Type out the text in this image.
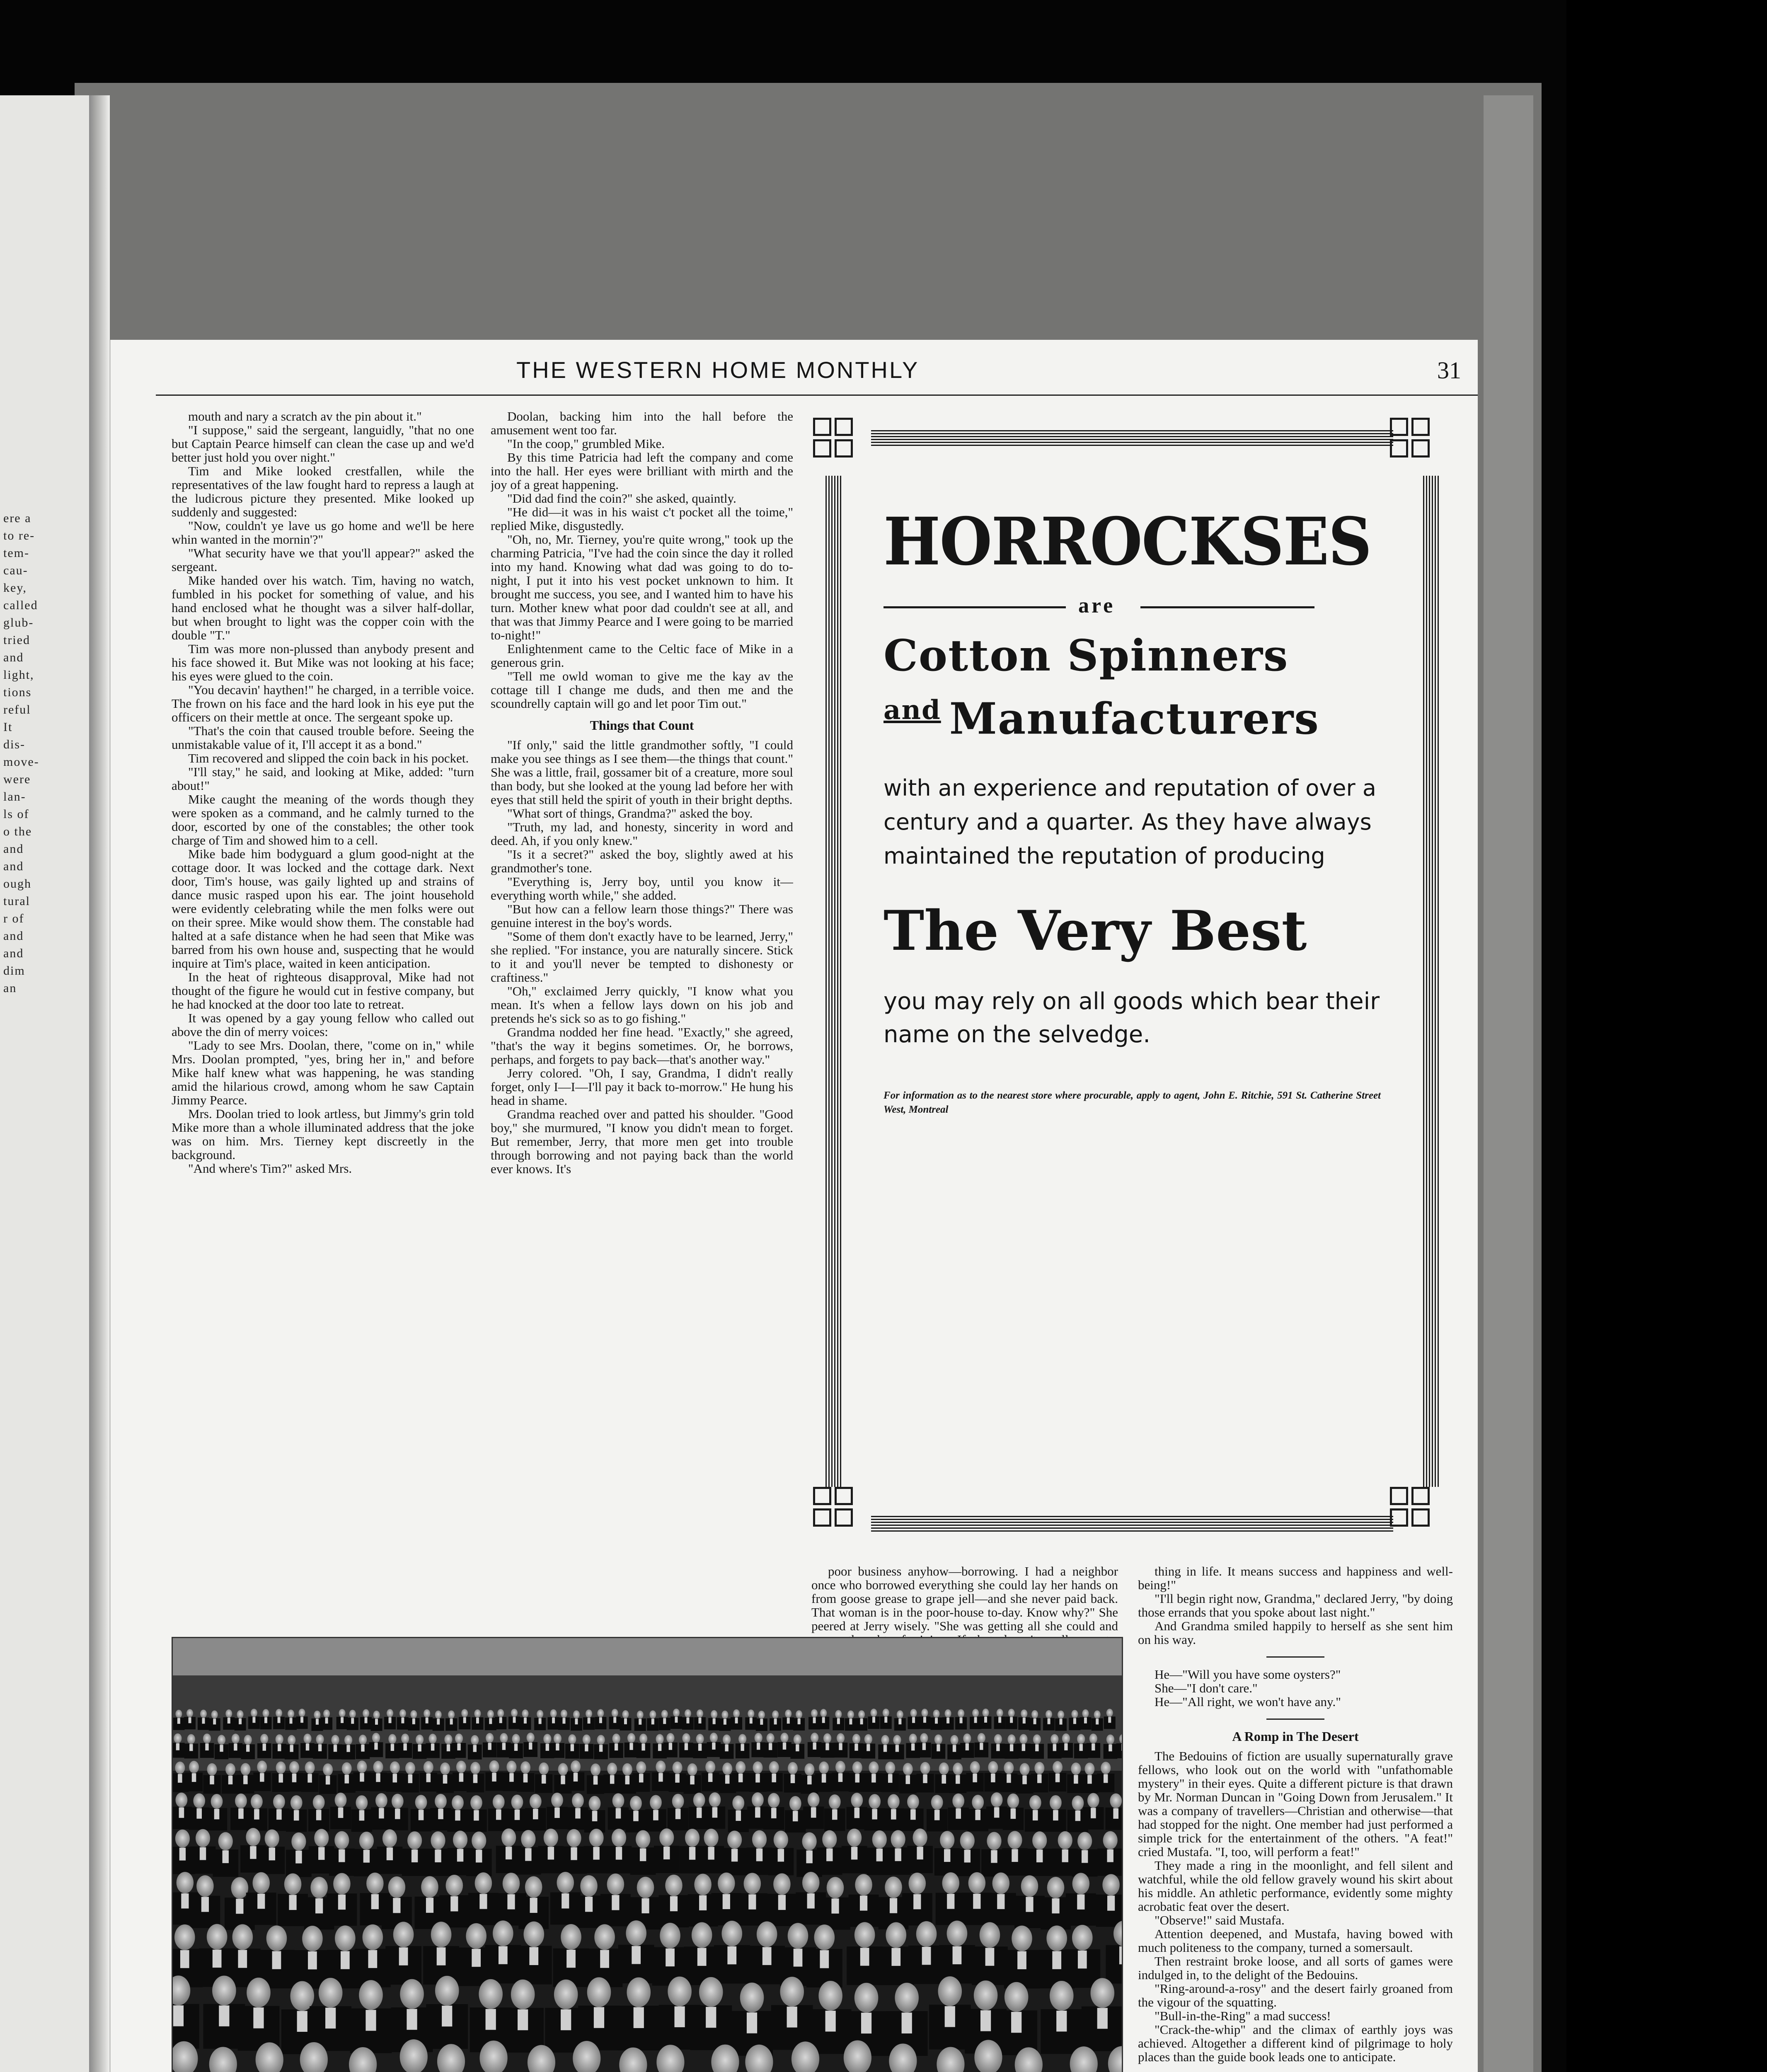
ere a
to re-
tem-
cau-
key,
called
glub-
tried
and
light,
tions
reful
It
dis-
move-
were
lan-
ls of
o the
and
and
ough
tural
r of
and
and
dim
an
THE WESTERN HOME MONTHLY	31

mouth and nary a scratch av the pin about it."

"I suppose," said the sergeant, languidly, "that no one but Captain Pearce himself can clean the case up and we'd better just hold you over night."

Tim and Mike looked crestfallen, while the representatives of the law fought hard to repress a laugh at the ludicrous picture they presented. Mike looked up suddenly and suggested:

"Now, couldn't ye lave us go home and we'll be here whin wanted in the mornin'?"

"What security have we that you'll appear?" asked the sergeant.

Mike handed over his watch. Tim, having no watch, fumbled in his pocket for something of value, and his hand enclosed what he thought was a silver half-dollar, but when brought to light was the copper coin with the double "T."

Tim was more non-plussed than anybody present and his face showed it. But Mike was not looking at his face; his eyes were glued to the coin.

"You decavin' haythen!" he charged, in a terrible voice. The frown on his face and the hard look in his eye put the officers on their mettle at once. The sergeant spoke up.

"That's the coin that caused trouble before. Seeing the unmistakable value of it, I'll accept it as a bond."

Tim recovered and slipped the coin back in his pocket.

"I'll stay," he said, and looking at Mike, added: "turn about!"

Mike caught the meaning of the words though they were spoken as a command, and he calmly turned to the door, escorted by one of the constables; the other took charge of Tim and showed him to a cell.

Mike bade him bodyguard a glum good-night at the cottage door. It was locked and the cottage dark. Next door, Tim's house, was gaily lighted up and strains of dance music rasped upon his ear. The joint household were evidently celebrating while the men folks were out on their spree. Mike would show them. The constable had halted at a safe distance when he had seen that Mike was barred from his own house and, suspecting that he would inquire at Tim's place, waited in keen anticipation.

In the heat of righteous disapproval, Mike had not thought of the figure he would cut in festive company, but he had knocked at the door too late to retreat.

It was opened by a gay young fellow who called out above the din of merry voices:

"Lady to see Mrs. Doolan, there, "come on in," while Mrs. Doolan prompted, "yes, bring her in," and before Mike half knew what was happening, he was standing amid the hilarious crowd, among whom he saw Captain Jimmy Pearce.

Mrs. Doolan tried to look artless, but Jimmy's grin told Mike more than a whole illuminated address that the joke was on him. Mrs. Tierney kept discreetly in the background.

"And where's Tim?" asked Mrs.

Doolan, backing him into the hall before the amusement went too far.

"In the coop," grumbled Mike.

By this time Patricia had left the company and come into the hall. Her eyes were brilliant with mirth and the joy of a great happening.

"Did dad find the coin?" she asked, quaintly.

"He did—it was in his waist c't pocket all the toime," replied Mike, disgustedly.

"Oh, no, Mr. Tierney, you're quite wrong," took up the charming Patricia, "I've had the coin since the day it rolled into my hand. Knowing what dad was going to do to-night, I put it into his vest pocket unknown to him. It brought me success, you see, and I wanted him to have his turn. Mother knew what poor dad couldn't see at all, and that was that Jimmy Pearce and I were going to be married to-night!"

Enlightenment came to the Celtic face of Mike in a generous grin.

"Tell me owld woman to give me the kay av the cottage till I change me duds, and then me and the scoundrelly captain will go and let poor Tim out."

Things that Count

"If only," said the little grandmother softly, "I could make you see things as I see them—the things that count." She was a little, frail, gossamer bit of a creature, more soul than body, but she looked at the young lad before her with eyes that still held the spirit of youth in their bright depths.

"What sort of things, Grandma?" asked the boy.

"Truth, my lad, and honesty, sincerity in word and deed. Ah, if you only knew."

"Is it a secret?" asked the boy, slightly awed at his grandmother's tone.

"Everything is, Jerry boy, until you know it—everything worth while," she added.

"But how can a fellow learn those things?" There was genuine interest in the boy's words.

"Some of them don't exactly have to be learned, Jerry," she replied. "For instance, you are naturally sincere. Stick to it and you'll never be tempted to dishonesty or craftiness."

"Oh," exclaimed Jerry quickly, "I know what you mean. It's when a fellow lays down on his job and pretends he's sick so as to go fishing."

Grandma nodded her fine head. "Exactly," she agreed, "that's the way it begins sometimes. Or, he borrows, perhaps, and forgets to pay back—that's another way."

Jerry colored. "Oh, I say, Grandma, I didn't really forget, only I—I—I'll pay it back to-morrow." He hung his head in shame.

Grandma reached over and patted his shoulder. "Good boy," she murmured, "I know you didn't mean to forget. But remember, Jerry, that more men get into trouble through borrowing and not paying back than the world ever knows. It's

HORROCKSES

are
Cotton Spinners
$^{and}$ Manufacturers
with an experience and reputation of over a century and a quarter. As they have always maintained the reputation of producing
The Very Best
you may rely on all goods which bear their name on the selvedge.
For information as to the nearest store where procurable, apply to agent, John E. Ritchie, 591 St. Catherine Street West, Montreal

poor business anyhow—borrowing. I had a neighbor once who borrowed everything she could lay her hands on from goose grease to grape jell—and she never paid back. That woman is in the poor-house to-day. Know why?" She peered at Jerry wisely. "She was getting all she could and

thing in life. It means success and happiness and well-being!"

"I'll begin right now, Grandma," declared Jerry, "by doing those errands that you spoke about last night."

And Grandma smiled happily to herself as she sent him on his way.

He—"Will you have some oysters?"

She—"I don't care."

He—"All right, we won't have any."

A Romp in The Desert

The Bedouins of fiction are usually supernaturally grave fellows, who look out on the world with "unfathomable mystery" in their eyes. Quite a different picture is that drawn by Mr. Norman Duncan in "Going Down from Jerusalem." It was a company of travellers—Christian and otherwise—that had stopped for the night. One member had just performed a simple trick for the entertainment of the others. "A feat!" cried Mustafa. "I, too, will perform a feat!"

They made a ring in the moonlight, and fell silent and watchful, while the old fellow gravely wound his skirt about his middle. An athletic performance, evidently some mighty acrobatic feat over the desert.

"Observe!" said Mustafa.

Attention deepened, and Mustafa, having bowed with much politeness to the company, turned a somersault.

Then restraint broke loose, and all sorts of games were indulged in, to the delight of the Bedouins.

"Ring-around-a-rosy" and the desert fairly groaned from the vigour of the squatting.

"Bull-in-the-Ring" a mad success!

"Crack-the-whip" and the climax of earthly joys was achieved. Altogether a different kind of pilgrimage to holy places than the guide book leads one to anticipate.
